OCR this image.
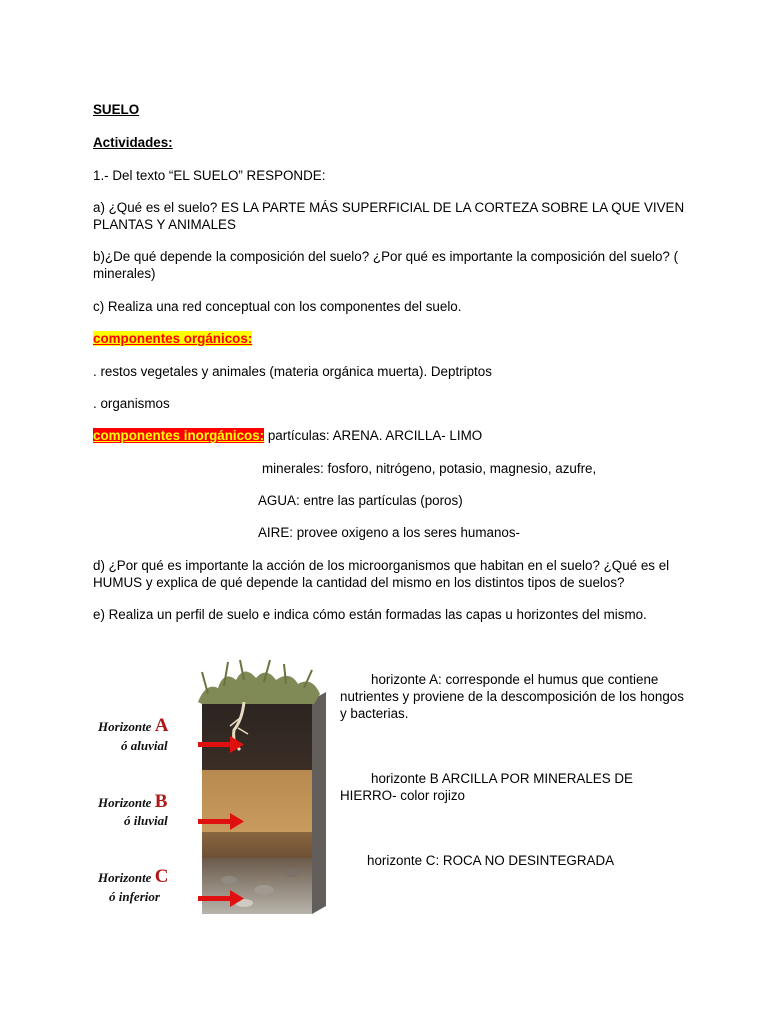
SUELO
Actividades:
1.- Del texto “EL SUELO” RESPONDE:
a) ¿Qué es el suelo? ES LA PARTE MÁS SUPERFICIAL DE LA CORTEZA SOBRE LA QUE VIVEN PLANTAS Y ANIMALES
b)¿De qué depende la composición del suelo? ¿Por qué es importante la composición del suelo? ( minerales)
c) Realiza una red conceptual con los componentes del suelo.
componentes orgánicos:
. restos vegetales y animales (materia orgánica muerta). Deptriptos
. organismos
componentes inorgánicos: partículas: ARENA. ARCILLA- LIMO
minerales: fosforo, nitrógeno, potasio, magnesio, azufre,
AGUA: entre las partículas (poros)
AIRE: provee oxigeno a los seres humanos-
d) ¿Por qué es importante la acción de los microorganismos que habitan en el suelo? ¿Qué es el HUMUS y explica de qué depende la cantidad del mismo en los distintos tipos de suelos?
e) Realiza un perfil de suelo e indica cómo están formadas las capas u horizontes del mismo.
Horizonte A
ó aluvial
Horizonte B
ó iluvial
Horizonte C
ó inferior
horizonte A: corresponde el humus que contiene nutrientes y proviene de la descomposición de los hongos y bacterias.
horizonte B ARCILLA POR MINERALES DE HIERRO- color rojizo
horizonte C: ROCA NO DESINTEGRADA
